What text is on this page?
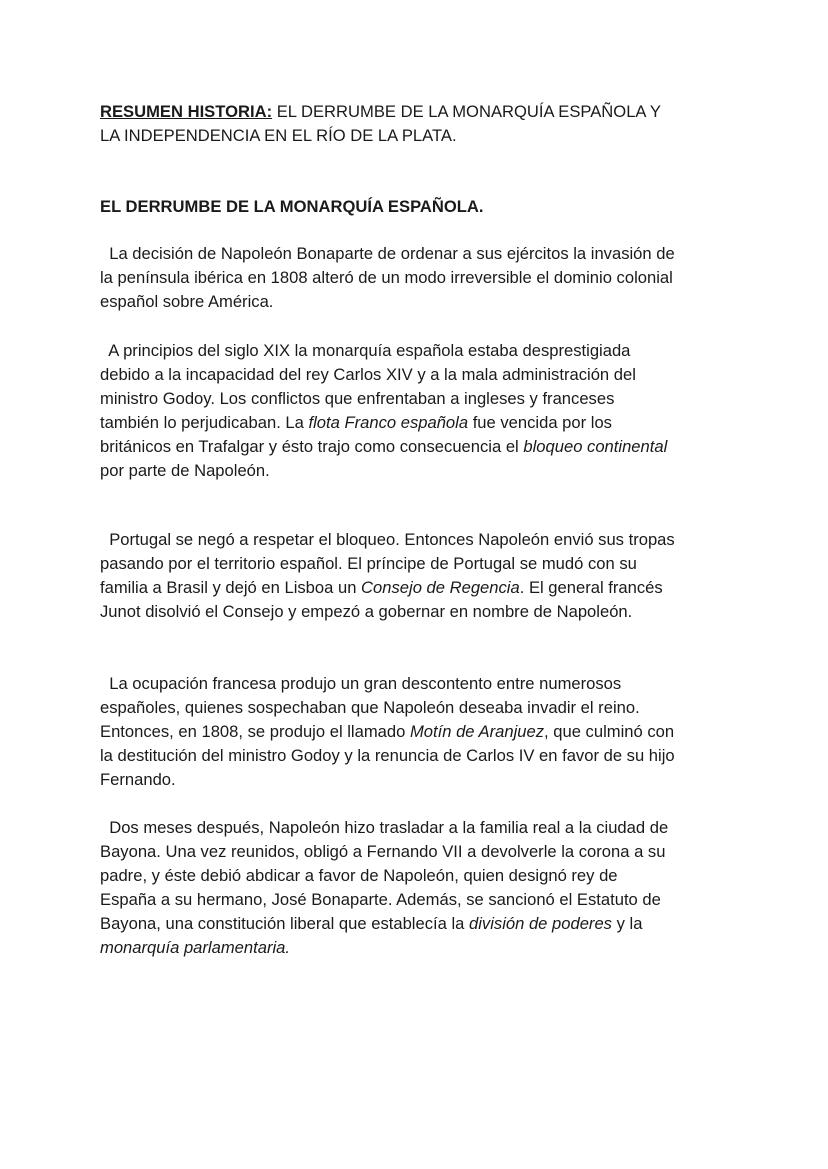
RESUMEN HISTORIA: EL DERRUMBE DE LA MONARQUÍA ESPAÑOLA Y
LA INDEPENDENCIA EN EL RÍO DE LA PLATA.
EL DERRUMBE DE LA MONARQUÍA ESPAÑOLA.
La decisión de Napoleón Bonaparte de ordenar a sus ejércitos la invasión de
la península ibérica en 1808 alteró de un modo irreversible el dominio colonial
español sobre América.
A principios del siglo XIX la monarquía española estaba desprestigiada
debido a la incapacidad del rey Carlos XIV y a la mala administración del
ministro Godoy. Los conflictos que enfrentaban a ingleses y franceses
también lo perjudicaban. La flota Franco española fue vencida por los
británicos en Trafalgar y ésto trajo como consecuencia el bloqueo continental
por parte de Napoleón.
Portugal se negó a respetar el bloqueo. Entonces Napoleón envió sus tropas
pasando por el territorio español. El príncipe de Portugal se mudó con su
familia a Brasil y dejó en Lisboa un Consejo de Regencia. El general francés
Junot disolvió el Consejo y empezó a gobernar en nombre de Napoleón.
La ocupación francesa produjo un gran descontento entre numerosos
españoles, quienes sospechaban que Napoleón deseaba invadir el reino.
Entonces, en 1808, se produjo el llamado Motín de Aranjuez, que culminó con
la destitución del ministro Godoy y la renuncia de Carlos IV en favor de su hijo
Fernando.
Dos meses después, Napoleón hizo trasladar a la familia real a la ciudad de
Bayona. Una vez reunidos, obligó a Fernando VII a devolverle la corona a su
padre, y éste debió abdicar a favor de Napoleón, quien designó rey de
España a su hermano, José Bonaparte. Además, se sancionó el Estatuto de
Bayona, una constitución liberal que establecía la división de poderes y la
monarquía parlamentaria.
